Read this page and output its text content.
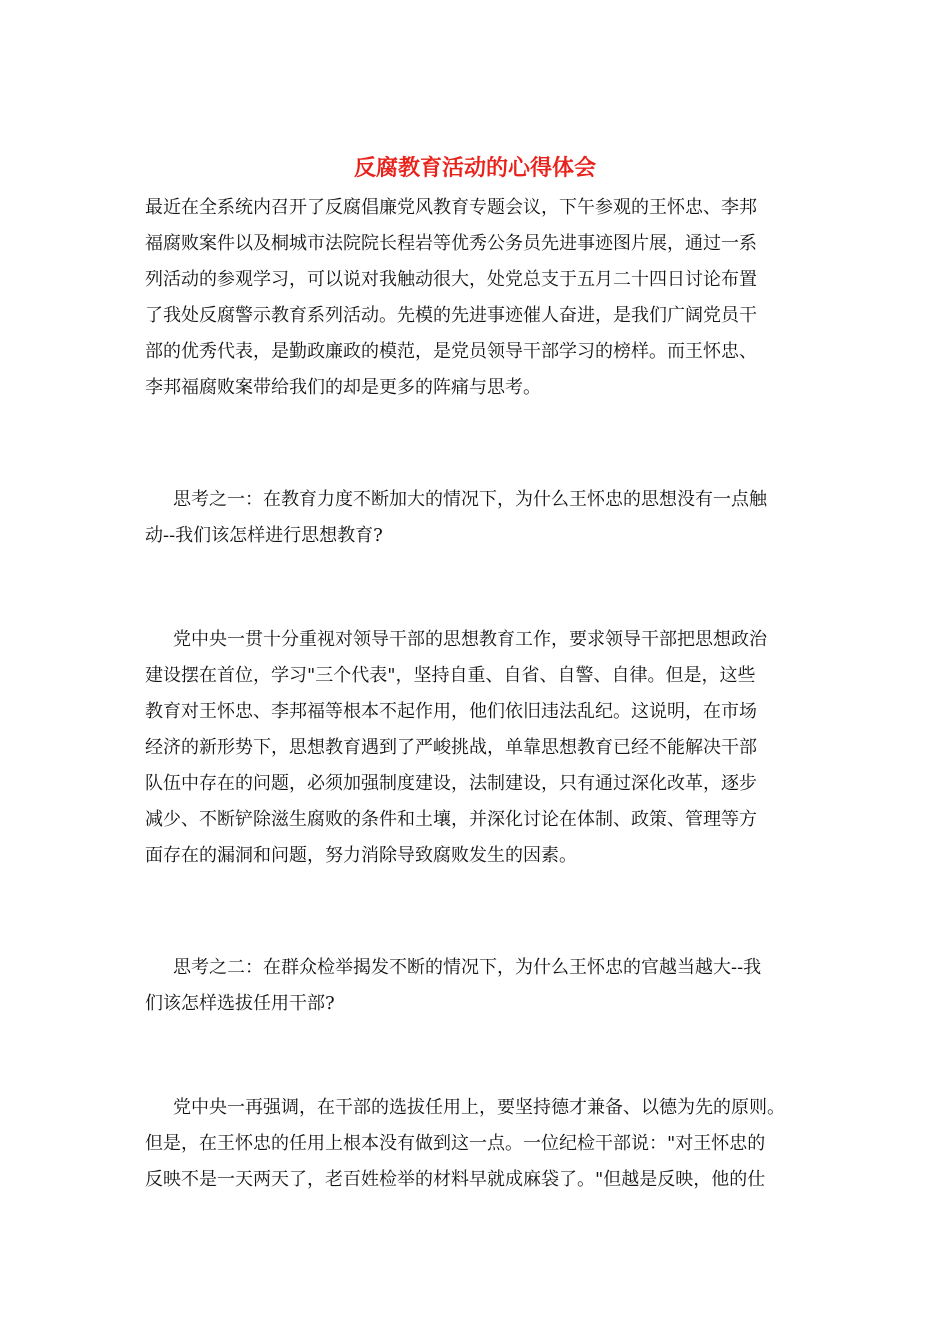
反腐教育活动的心得体会
最近在全系统内召开了反腐倡廉党风教育专题会议，下午参观的王怀忠、李邦
福腐败案件以及桐城市法院院长程岩等优秀公务员先进事迹图片展，通过一系
列活动的参观学习，可以说对我触动很大，处党总支于五月二十四日讨论布置
了我处反腐警示教育系列活动。先模的先进事迹催人奋进，是我们广阔党员干
部的优秀代表，是勤政廉政的模范，是党员领导干部学习的榜样。而王怀忠、
李邦福腐败案带给我们的却是更多的阵痛与思考。
思考之一：在教育力度不断加大的情况下，为什么王怀忠的思想没有一点触
动--我们该怎样进行思想教育?
党中央一贯十分重视对领导干部的思想教育工作，要求领导干部把思想政治
建设摆在首位，学习"三个代表"，坚持自重、自省、自警、自律。但是，这些
教育对王怀忠、李邦福等根本不起作用，他们依旧违法乱纪。这说明，在市场
经济的新形势下，思想教育遇到了严峻挑战，单靠思想教育已经不能解决干部
队伍中存在的问题，必须加强制度建设，法制建设，只有通过深化改革，逐步
减少、不断铲除滋生腐败的条件和土壤，并深化讨论在体制、政策、管理等方
面存在的漏洞和问题，努力消除导致腐败发生的因素。
思考之二：在群众检举揭发不断的情况下，为什么王怀忠的官越当越大--我
们该怎样选拔任用干部?
党中央一再强调，在干部的选拔任用上，要坚持德才兼备、以德为先的原则。
但是，在王怀忠的任用上根本没有做到这一点。一位纪检干部说："对王怀忠的
反映不是一天两天了，老百姓检举的材料早就成麻袋了。"但越是反映，他的仕
